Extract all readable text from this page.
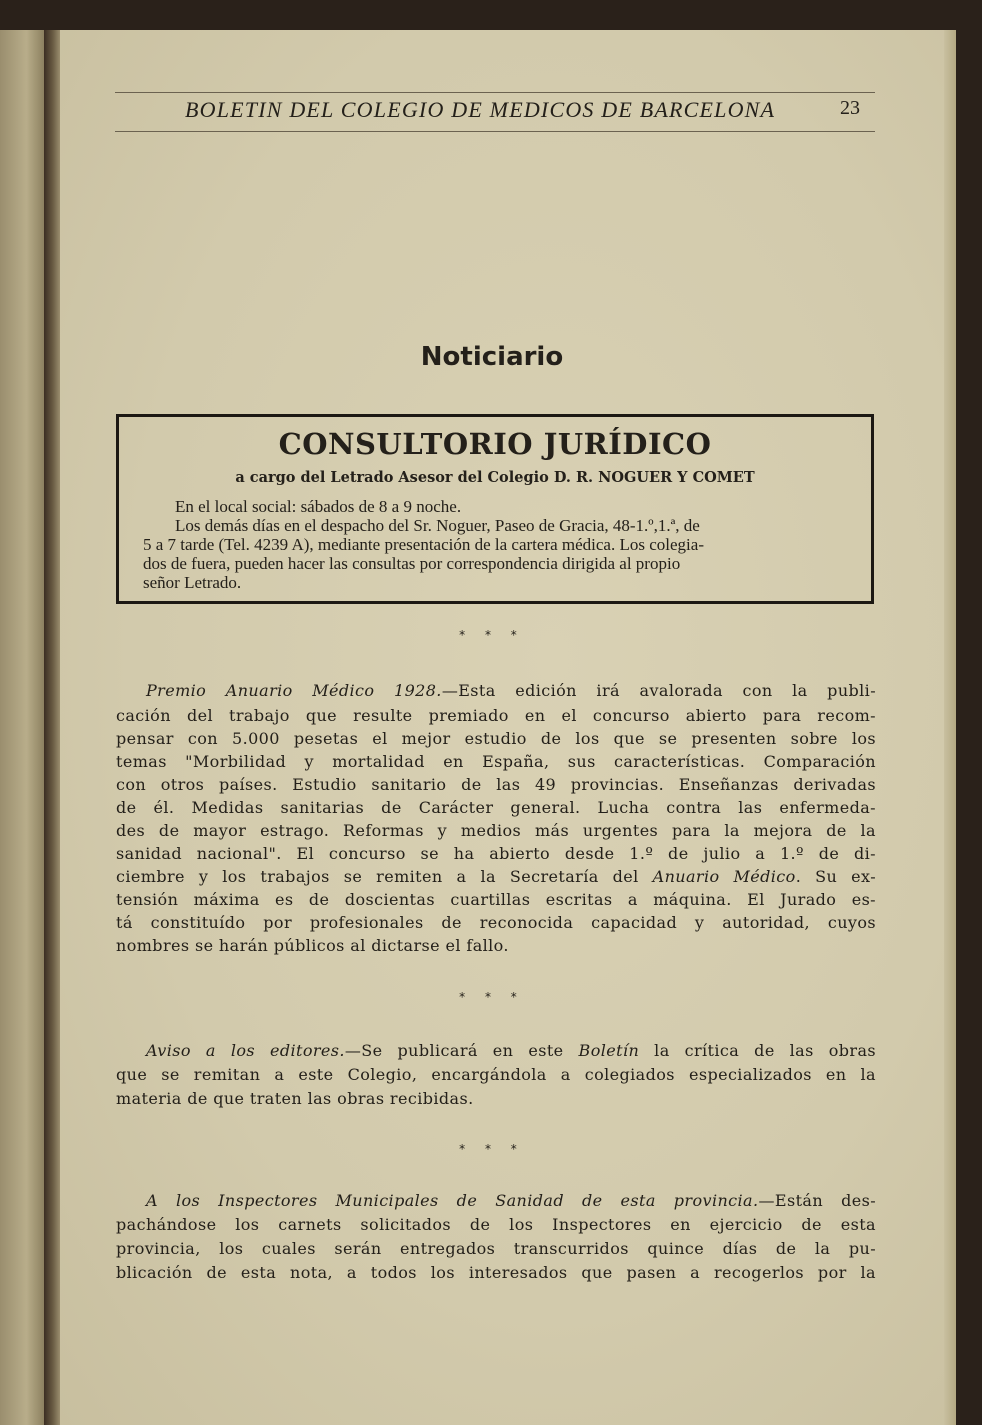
BOLETIN DEL COLEGIO DE MEDICOS DE BARCELONA	23
Noticiario
CONSULTORIO JURÍDICO
a cargo del Letrado Asesor del Colegio D. R. NOGUER Y COMET
En el local social: sábados de 8 a 9 noche.
Los demás días en el despacho del Sr. Noguer, Paseo de Gracia, 48-1.º,1.ª, de
5 a 7 tarde (Tel. 4239 A), mediante presentación de la cartera médica. Los colegia-
dos de fuera, pueden hacer las consultas por correspondencia dirigida al propio
señor Letrado.
* * *
Premio Anuario Médico 1928.—Esta edición irá avalorada con la publi-
cación del trabajo que resulte premiado en el concurso abierto para recom-
pensar con 5.000 pesetas el mejor estudio de los que se presenten sobre los
temas "Morbilidad y mortalidad en España, sus características. Comparación
con otros países. Estudio sanitario de las 49 provincias. Enseñanzas derivadas
de él. Medidas sanitarias de Carácter general. Lucha contra las enfermeda-
des de mayor estrago. Reformas y medios más urgentes para la mejora de la
sanidad nacional". El concurso se ha abierto desde 1.º de julio a 1.º de di-
ciembre y los trabajos se remiten a la Secretaría del Anuario Médico. Su ex-
tensión máxima es de doscientas cuartillas escritas a máquina. El Jurado es-
tá constituído por profesionales de reconocida capacidad y autoridad, cuyos
nombres se harán públicos al dictarse el fallo.
* * *
Aviso a los editores.—Se publicará en este Boletín la crítica de las obras
que se remitan a este Colegio, encargándola a colegiados especializados en la
materia de que traten las obras recibidas.
* * *
A los Inspectores Municipales de Sanidad de esta provincia.—Están des-
pachándose los carnets solicitados de los Inspectores en ejercicio de esta
provincia, los cuales serán entregados transcurridos quince días de la pu-
blicación de esta nota, a todos los interesados que pasen a recogerlos por la
